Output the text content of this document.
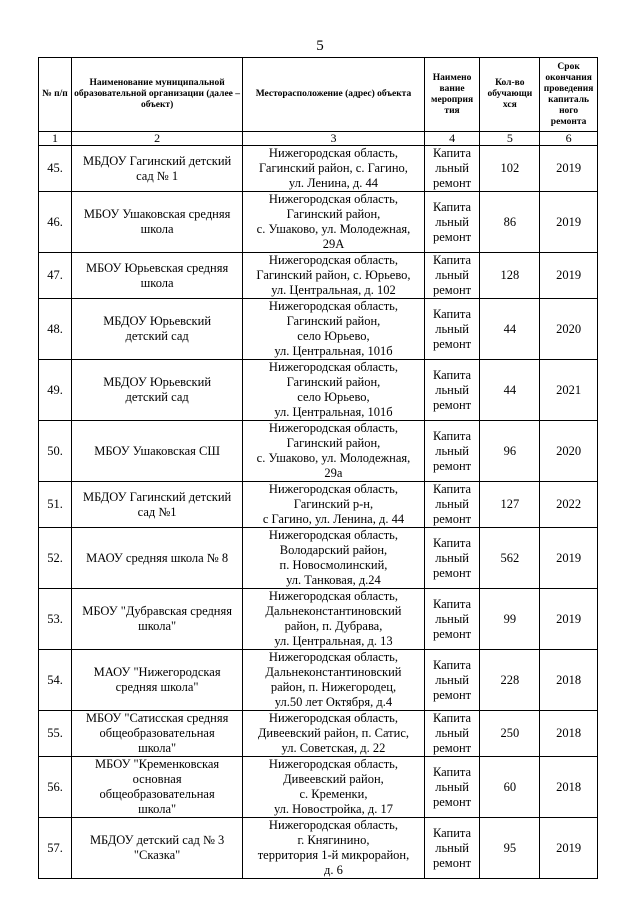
5
№ п/п	Наименование муниципальной образовательной организации (далее – объект)	Месторасположение (адрес) объекта	Наимено вание мероприя тия	Кол-во обучающи хся	Срок окончания проведения капиталь ного ремонта
1	2	3	4	5	6
45.	МБДОУ Гагинский детский
сад № 1	Нижегородская область,
Гагинский район, с. Гагино,
ул. Ленина, д. 44	Капита
льный
ремонт	102	2019
46.	МБОУ Ушаковская средняя
школа	Нижегородская область,
Гагинский район,
с. Ушаково, ул. Молодежная,
29А	Капита
льный
ремонт	86	2019
47.	МБОУ Юрьевская средняя
школа	Нижегородская область,
Гагинский район, с. Юрьево,
ул. Центральная, д. 102	Капита
льный
ремонт	128	2019
48.	МБДОУ Юрьевский
детский сад	Нижегородская область,
Гагинский район,
село Юрьево,
ул. Центральная, 101б	Капита
льный
ремонт	44	2020
49.	МБДОУ Юрьевский
детский сад	Нижегородская область,
Гагинский район,
село Юрьево,
ул. Центральная, 101б	Капита
льный
ремонт	44	2021
50.	МБОУ Ушаковская СШ	Нижегородская область,
Гагинский район,
с. Ушаково, ул. Молодежная,
29а	Капита
льный
ремонт	96	2020
51.	МБДОУ Гагинский детский
сад №1	Нижегородская область,
Гагинский р-н,
с Гагино, ул. Ленина, д. 44	Капита
льный
ремонт	127	2022
52.	МАОУ средняя школа № 8	Нижегородская область,
Володарский район,
п. Новосмолинский,
ул. Танковая, д.24	Капита
льный
ремонт	562	2019
53.	МБОУ "Дубравская средняя
школа"	Нижегородская область,
Дальнеконстантиновский
район, п. Дубрава,
ул. Центральная, д. 13	Капита
льный
ремонт	99	2019
54.	МАОУ "Нижегородская
средняя школа"	Нижегородская область,
Дальнеконстантиновский
район, п. Нижегородец,
ул.50 лет Октября, д.4	Капита
льный
ремонт	228	2018
55.	МБОУ "Сатисская средняя
общеобразовательная
школа"	Нижегородская область,
Дивеевский район, п. Сатис,
ул. Советская, д. 22	Капита
льный
ремонт	250	2018
56.	МБОУ "Кременковская
основная
общеобразовательная
школа"	Нижегородская область,
Дивеевский район,
с. Кременки,
ул. Новостройка, д. 17	Капита
льный
ремонт	60	2018
57.	МБДОУ детский сад № 3
"Сказка"	Нижегородская область,
г. Княгинино,
территория 1-й микрорайон,
д. 6	Капита
льный
ремонт	95	2019
